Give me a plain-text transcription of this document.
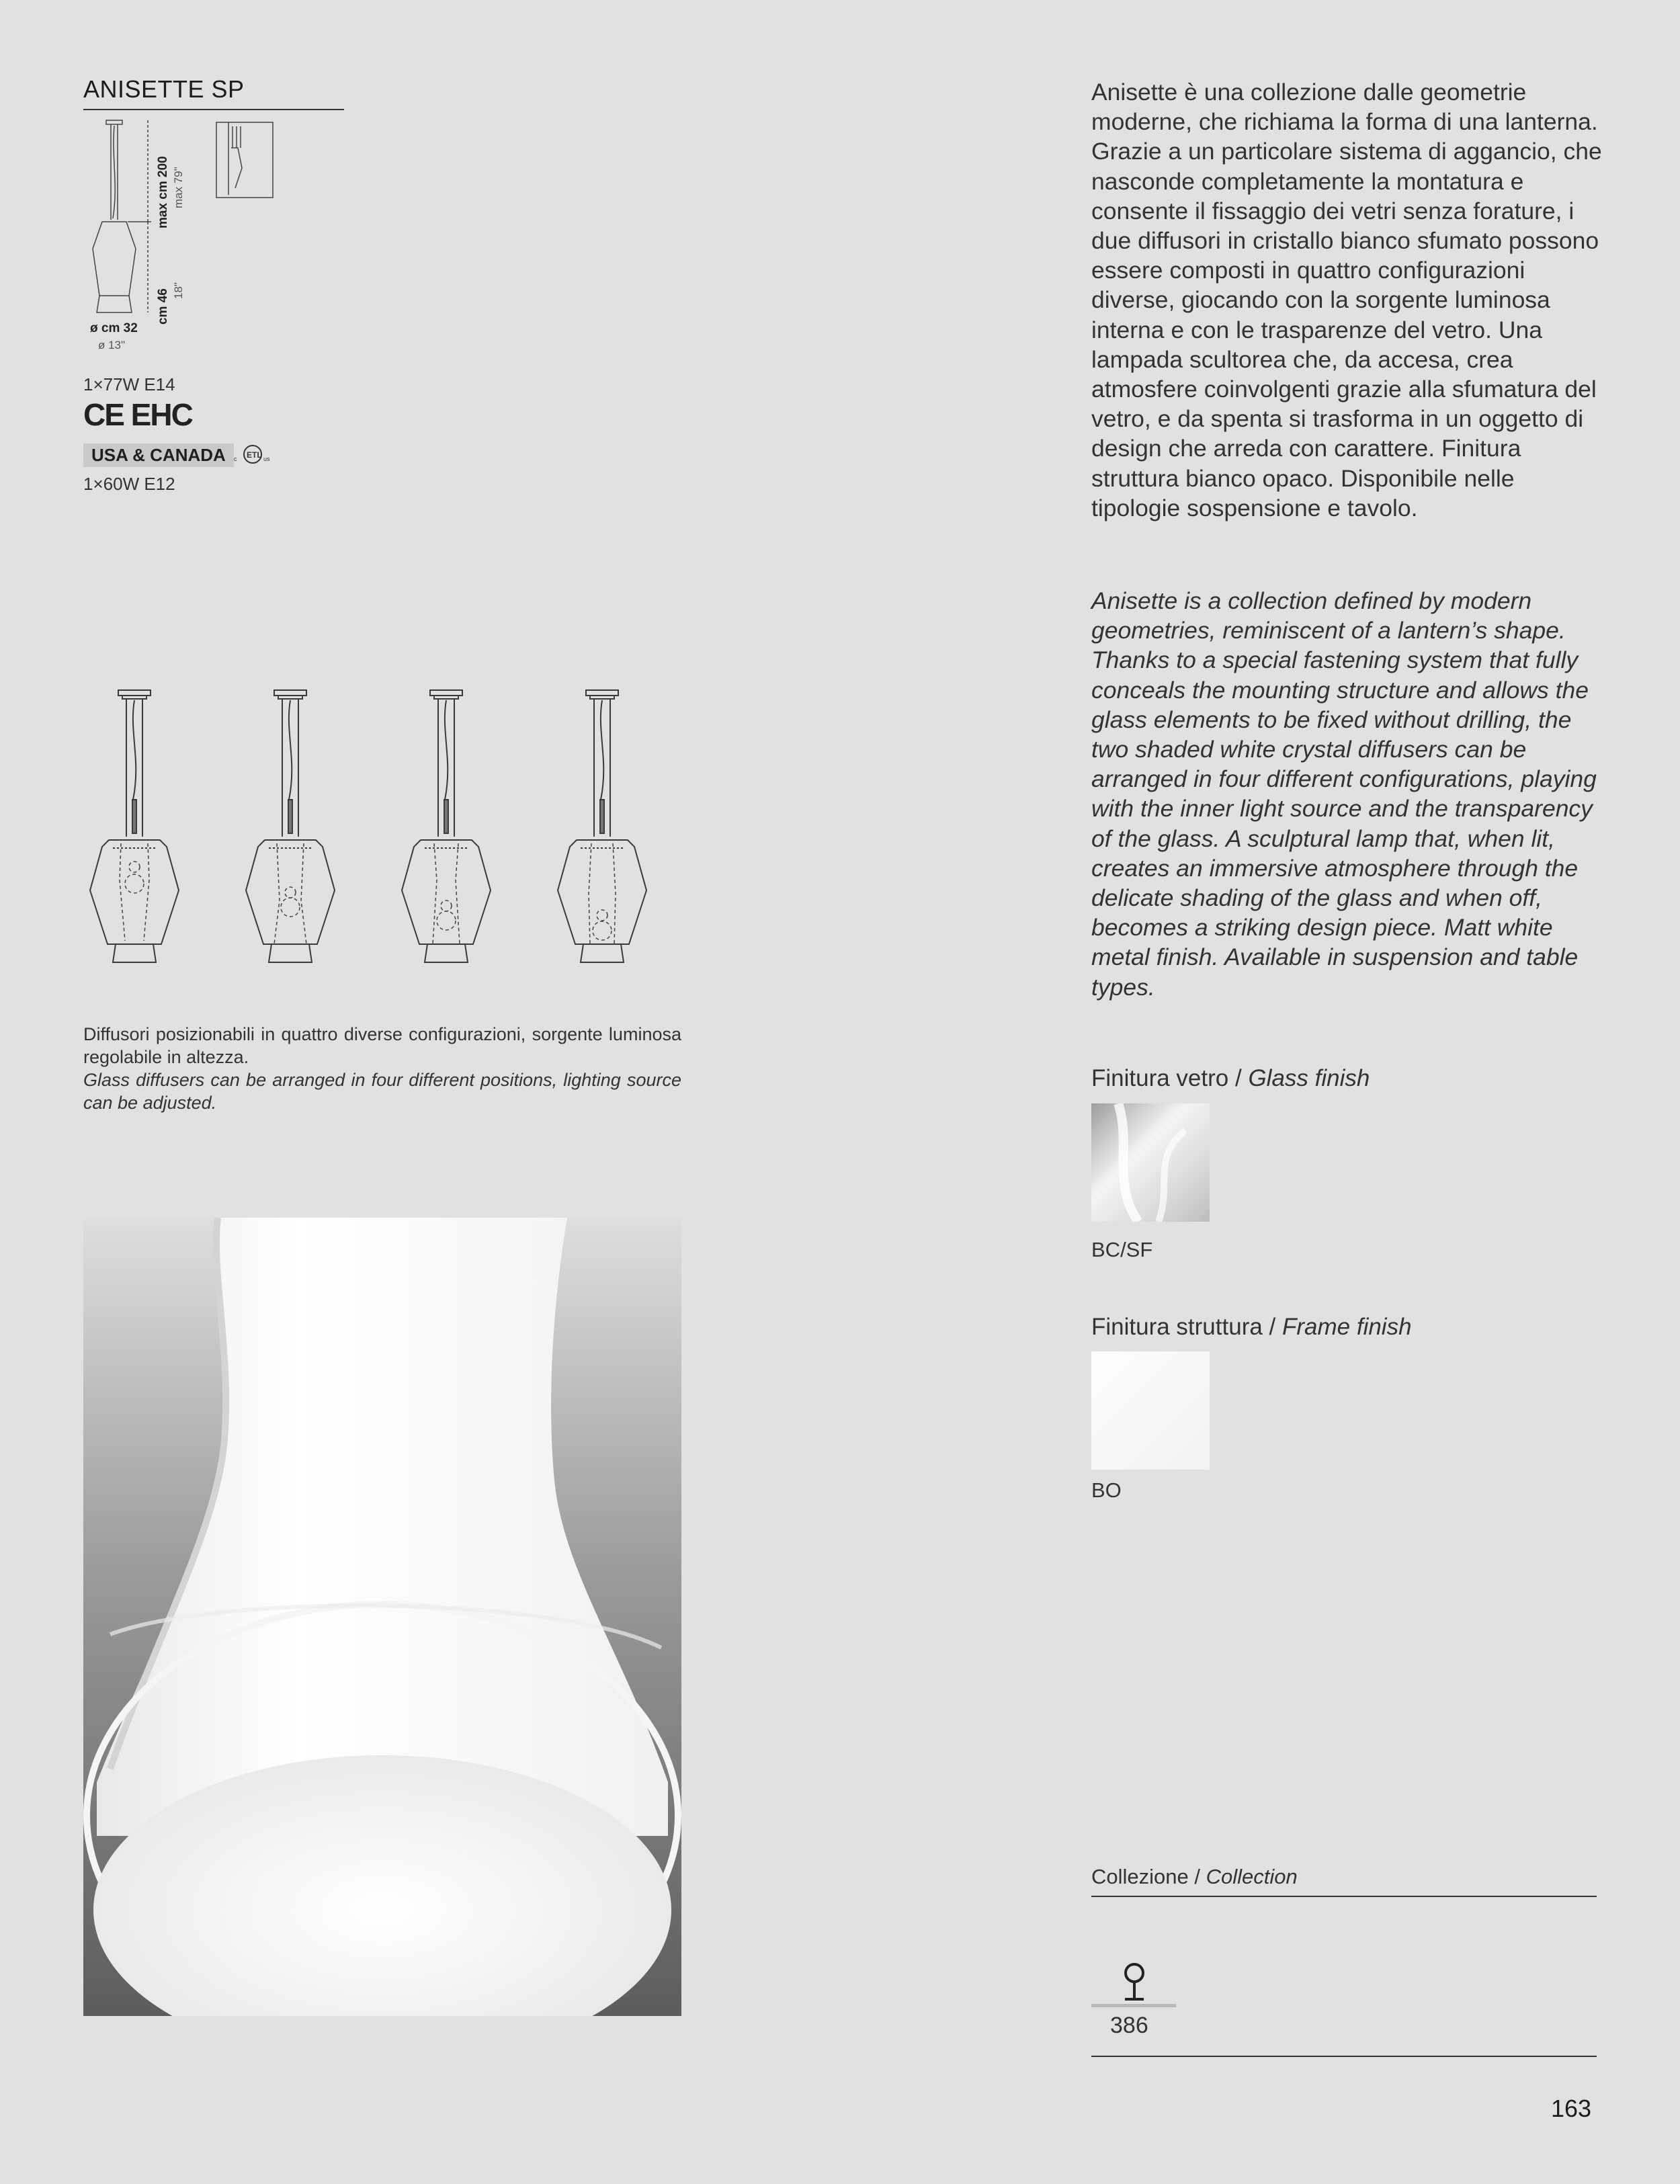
ANISETTE SP
max cm 200 max 79"
cm 46 18"
ø cm 32
ø 13"
1×77W E14
CE EHC
USA & CANADA	c ETL us
1×60W E12
Diffusori posizionabili in quattro diverse configurazioni, sorgente luminosa regolabile in altezza.
Glass diffusers can be arranged in four different positions, lighting source can be adjusted.
Anisette è una collezione dalle geometrie moderne, che richiama la forma di una lanterna. Grazie a un particolare sistema di aggancio, che nasconde completamente la montatura e consente il fissaggio dei vetri senza forature, i due diffusori in cristallo bianco sfumato possono essere composti in quattro configurazioni diverse, giocando con la sorgente luminosa interna e con le trasparenze del vetro. Una lampada scultorea che, da accesa, crea atmosfere coinvolgenti grazie alla sfumatura del vetro, e da spenta si trasforma in un oggetto di design che arreda con carattere. Finitura struttura bianco opaco. Disponibile nelle tipologie sospensione e tavolo.
Anisette is a collection defined by modern geometries, reminiscent of a lantern’s shape. Thanks to a special fastening system that fully conceals the mounting structure and allows the glass elements to be fixed without drilling, the two shaded white crystal diffusers can be arranged in four different configurations, playing with the inner light source and the transparency of the glass. A sculptural lamp that, when lit, creates an immersive atmosphere through the delicate shading of the glass and when off, becomes a striking design piece. Matt white metal finish. Available in suspension and table types.
Finitura vetro / Glass finish
BC/SF
Finitura struttura / Frame finish
BO
Collezione / Collection
386
163
